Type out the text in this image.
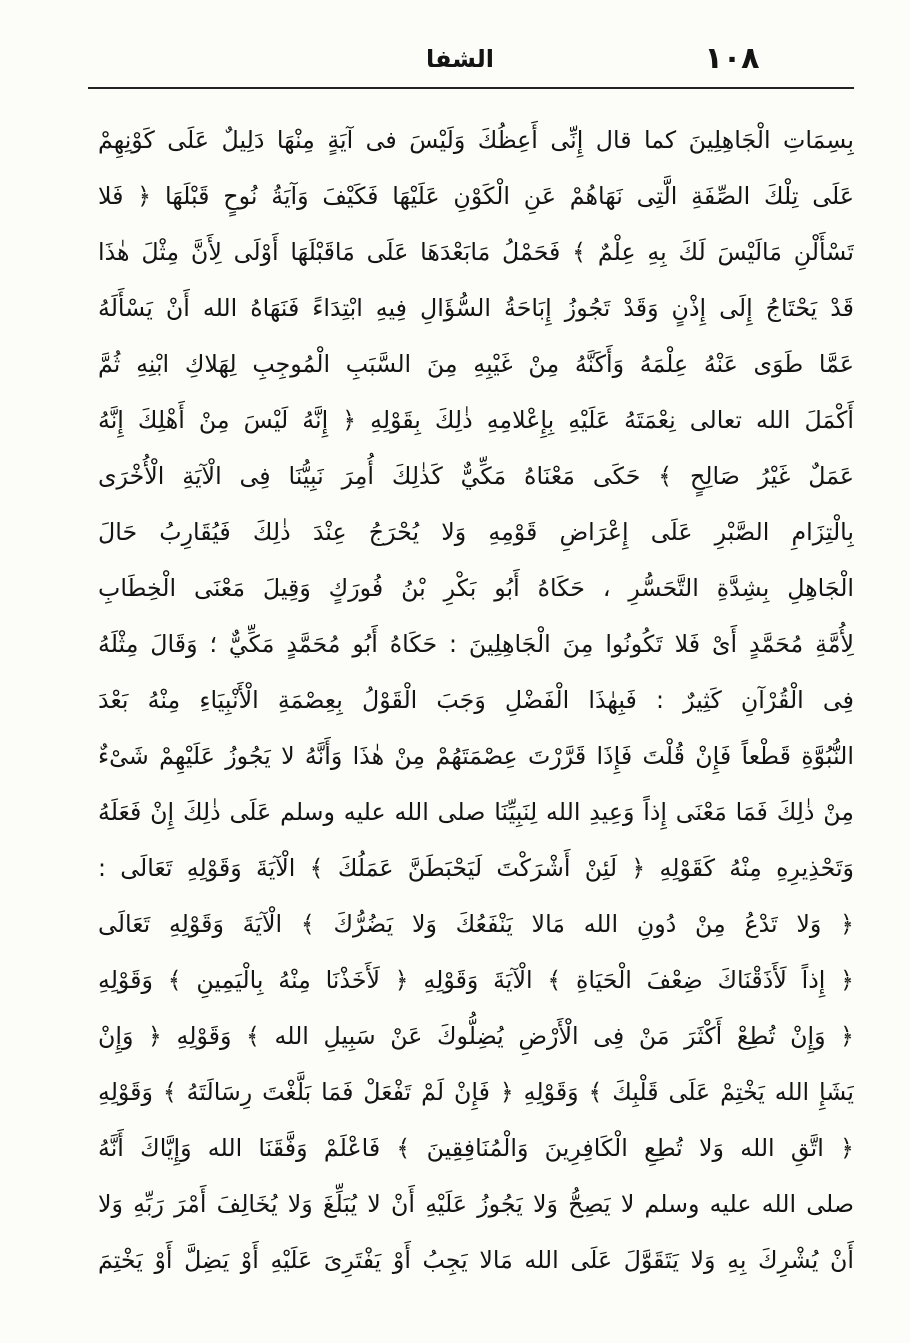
١٠٨
الشفا
بِسِمَاتِ الْجَاهِلِينَ كما قال إِنِّى أَعِظُكَ وَلَيْسَ فى آيَةٍ مِنْهَا دَلِيلٌ عَلَى كَوْنِهِمْ
عَلَى تِلْكَ الصِّفَةِ الَّتِى نَهَاهُمْ عَنِ الْكَوْنِ عَلَيْهَا فَكَيْفَ وَآيَةُ نُوحٍ قَبْلَهَا ﴿ فَلا
تَسْأَلْنِ مَالَيْسَ لَكَ بِهِ عِلْمٌ ﴾ فَحَمْلُ مَابَعْدَهَا عَلَى مَاقَبْلَهَا أَوْلَى لِأَنَّ مِثْلَ هٰذَا
قَدْ يَحْتَاجُ إِلَى إِذْنٍ وَقَدْ تَجُوزُ إِبَاحَةُ السُّؤَالِ فِيهِ ابْتِدَاءً فَنَهَاهُ الله أَنْ يَسْأَلَهُ
عَمَّا طَوَى عَنْهُ عِلْمَهُ وَأَكَنَّهُ مِنْ غَيْبِهِ مِنَ السَّبَبِ الْمُوجِبِ لِهَلاكِ ابْنِهِ ثُمَّ
أَكْمَلَ الله تعالى نِعْمَتَهُ عَلَيْهِ بِإِعْلامِهِ ذٰلِكَ بِقَوْلِهِ ﴿ إِنَّهُ لَيْسَ مِنْ أَهْلِكَ إِنَّهُ
عَمَلٌ غَيْرُ صَالِحٍ ﴾ حَكَى مَعْنَاهُ مَكِّيٌّ كَذٰلِكَ أُمِرَ نَبِيُّنَا فِى الْآيَةِ الْأُخْرَى
بِالْتِزَامِ الصَّبْرِ عَلَى إِعْرَاضِ قَوْمِهِ وَلا يُحْرَجُ عِنْدَ ذٰلِكَ فَيُقَارِبُ حَالَ
الْجَاهِلِ بِشِدَّةِ التَّحَسُّرِ ، حَكَاهُ أَبُو بَكْرِ بْنُ فُورَكٍ وَقِيلَ مَعْنَى الْخِطَابِ
لِأُمَّةِ مُحَمَّدٍ أَىْ فَلا تَكُونُوا مِنَ الْجَاهِلِينَ : حَكَاهُ أَبُو مُحَمَّدٍ مَكِّيٌّ ؛ وَقَالَ مِثْلَهُ
فِى الْقُرْآنِ كَثِيرٌ : فَبِهٰذَا الْفَضْلِ وَجَبَ الْقَوْلُ بِعِصْمَةِ الْأَنْبِيَاءِ مِنْهُ بَعْدَ
النُّبُوَّةِ قَطْعاً فَإِنْ قُلْتَ فَإِذَا قَرَّرْتَ عِصْمَتَهُمْ مِنْ هٰذَا وَأَنَّهُ لا يَجُوزُ عَلَيْهِمْ شَىْءٌ
مِنْ ذٰلِكَ فَمَا مَعْنَى إِذاً وَعِيدِ الله لِنَبِيِّنَا صلى الله عليه وسلم عَلَى ذٰلِكَ إِنْ فَعَلَهُ
وَتَحْذِيرِهِ مِنْهُ كَقَوْلِهِ ﴿ لَئِنْ أَشْرَكْتَ لَيَحْبَطَنَّ عَمَلُكَ ﴾ الْآيَةَ وَقَوْلِهِ تَعَالَى :
﴿ وَلا تَدْعُ مِنْ دُونِ الله مَالا يَنْفَعُكَ وَلا يَضُرُّكَ ﴾ الْآيَةَ وَقَوْلِهِ تَعَالَى
﴿ إِذاً لَأَذَقْنَاكَ ضِعْفَ الْحَيَاةِ ﴾ الْآيَةَ وَقَوْلِهِ ﴿ لَأَخَذْنَا مِنْهُ بِالْيَمِينِ ﴾ وَقَوْلِهِ
﴿ وَإِنْ تُطِعْ أَكْثَرَ مَنْ فِى الْأَرْضِ يُضِلُّوكَ عَنْ سَبِيلِ الله ﴾ وَقَوْلِهِ ﴿ وَإِنْ
يَشَإِ الله يَخْتِمْ عَلَى قَلْبِكَ ﴾ وَقَوْلِهِ ﴿ فَإِنْ لَمْ تَفْعَلْ فَمَا بَلَّغْتَ رِسَالَتَهُ ﴾ وَقَوْلِهِ
﴿ اتَّقِ الله وَلا تُطِعِ الْكَافِرِينَ وَالْمُنَافِقِينَ ﴾ فَاعْلَمْ وَفَّقَنَا الله وَإِيَّاكَ أَنَّهُ
صلى الله عليه وسلم لا يَصِحُّ وَلا يَجُوزُ عَلَيْهِ أَنْ لا يُبَلِّغَ وَلا يُخَالِفَ أَمْرَ رَبِّهِ وَلا
أَنْ يُشْرِكَ بِهِ وَلا يَتَقَوَّلَ عَلَى الله مَالا يَجِبُ أَوْ يَفْتَرِىَ عَلَيْهِ أَوْ يَضِلَّ أَوْ يَخْتِمَ
